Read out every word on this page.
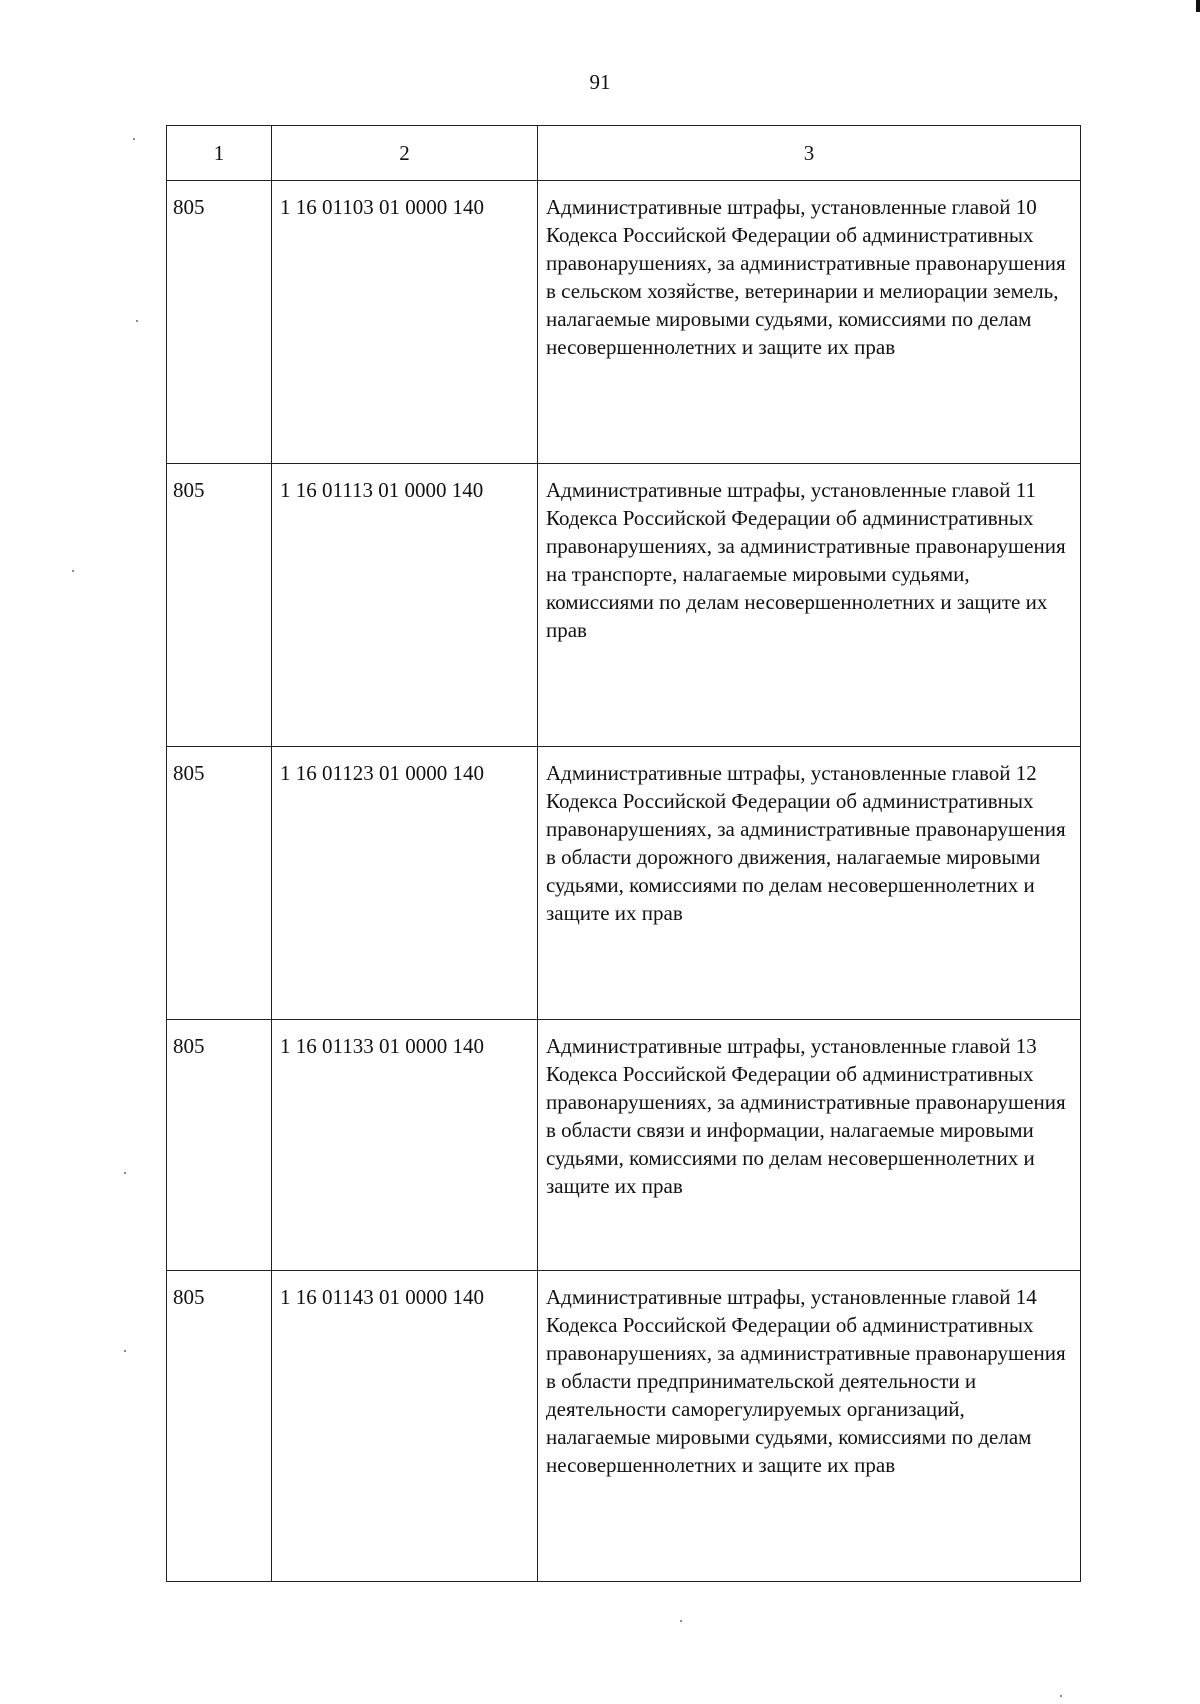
91
1	2	3
805	1 16 01103 01 0000 140	Административные штрафы, установленные главой 10 Кодекса Российской Федерации об административных правонарушениях, за административные правонарушения в сельском хозяйстве, ветеринарии и мелиорации земель, налагаемые мировыми судьями, комиссиями по делам несовершеннолетних и защите их прав
805	1 16 01113 01 0000 140	Административные штрафы, установленные главой 11 Кодекса Российской Федерации об административных правонарушениях, за административные правонарушения на транспорте, налагаемые мировыми судьями, комиссиями по делам несовершеннолетних и защите их прав
805	1 16 01123 01 0000 140	Административные штрафы, установленные главой 12 Кодекса Российской Федерации об административных правонарушениях, за административные правонарушения в области дорожного движения, налагаемые мировыми судьями, комиссиями по делам несовершеннолетних и защите их прав
805	1 16 01133 01 0000 140	Административные штрафы, установленные главой 13 Кодекса Российской Федерации об административных правонарушениях, за административные правонарушения в области связи и информации, налагаемые мировыми судьями, комиссиями по делам несовершеннолетних и защите их прав
805	1 16 01143 01 0000 140	Административные штрафы, установленные главой 14 Кодекса Российской Федерации об административных правонарушениях, за административные правонарушения в области предпринимательской деятельности и деятельности саморегулируемых организаций, налагаемые мировыми судьями, комиссиями по делам несовершеннолетних и защите их прав
